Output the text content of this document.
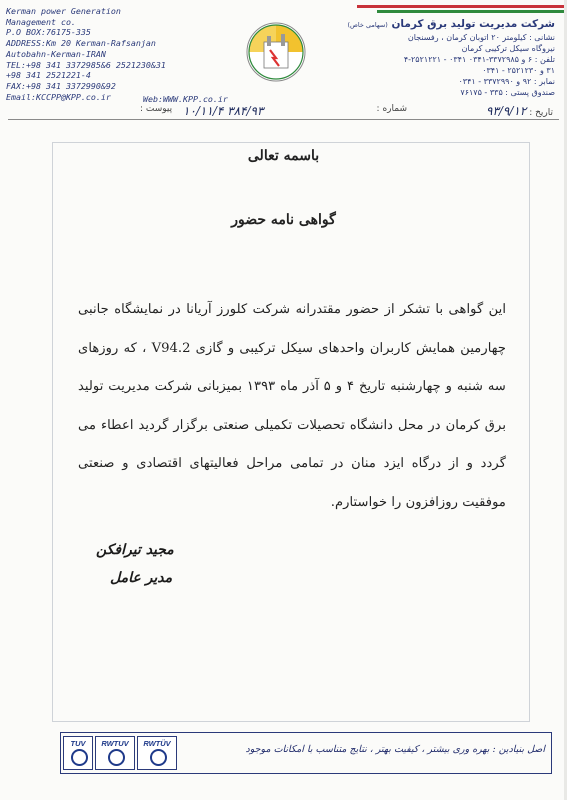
Kerman power Generation
Management co.
P.O BOX:76175-335
ADDRESS:Km 20 Kerman-Rafsanjan
Autobahn-Kerman-IRAN
TEL:+98 341 3372985&6 2521230&31
+98 341 2521221-4
FAX:+98 341 3372990&92
Email:KCCPP@KPP.co.ir	Web:WWW.KPP.co.ir
شرکت مدیریت تولید برق کرمان (سهامی خاص)
نشانی : کیلومتر ۲۰ اتوبان کرمان ، رفسنجان
نیروگاه سیکل ترکیبی کرمان
تلفن : ۶ و ۳۳۷۲۹۸۵-۰۳۴۱ ۰۳۴۱ - ۲۵۲۱۲۲۱-۴
۳۱ و ۲۵۲۱۲۳۰ - ۰۳۴۱
نمابر : ۹۲ و ۳۳۷۲۹۹۰ - ۰۳۴۱
صندوق پستی : ۳۳۵ - ۷۶۱۷۵
تاریخ : ۹۳/۹/۱۲
شماره :
۳۸۴/۹۳ ۱۰/۱۱/۴
پیوست :
باسمه تعالی
گواهی نامه حضور
این گواهی با تشکر از حضور مقتدرانه شرکت کلورز آریانا در نمایشگاه جانبی چهارمین همایش کاربران واحدهای سیکل ترکیبی و گازی V94.2 ، که روزهای سه شنبه و چهارشنبه تاریخ ۴ و ۵ آذر ماه ۱۳۹۳ بمیزبانی شرکت مدیریت تولید برق کرمان در محل دانشگاه تحصیلات تکمیلی صنعتی برگزار گردید اعطاء می گردد و از درگاه ایزد منان در تمامی مراحل فعالیتهای اقتصادی و صنعتی موفقیت روزافزون را خواستارم.
مجید تیرافکن
مدیر عامل
اصل بنیادین : بهره وری بیشتر ، کیفیت بهتر ، نتایج متناسب با امکانات موجود
RWTÜV
RWTUV
TUV
